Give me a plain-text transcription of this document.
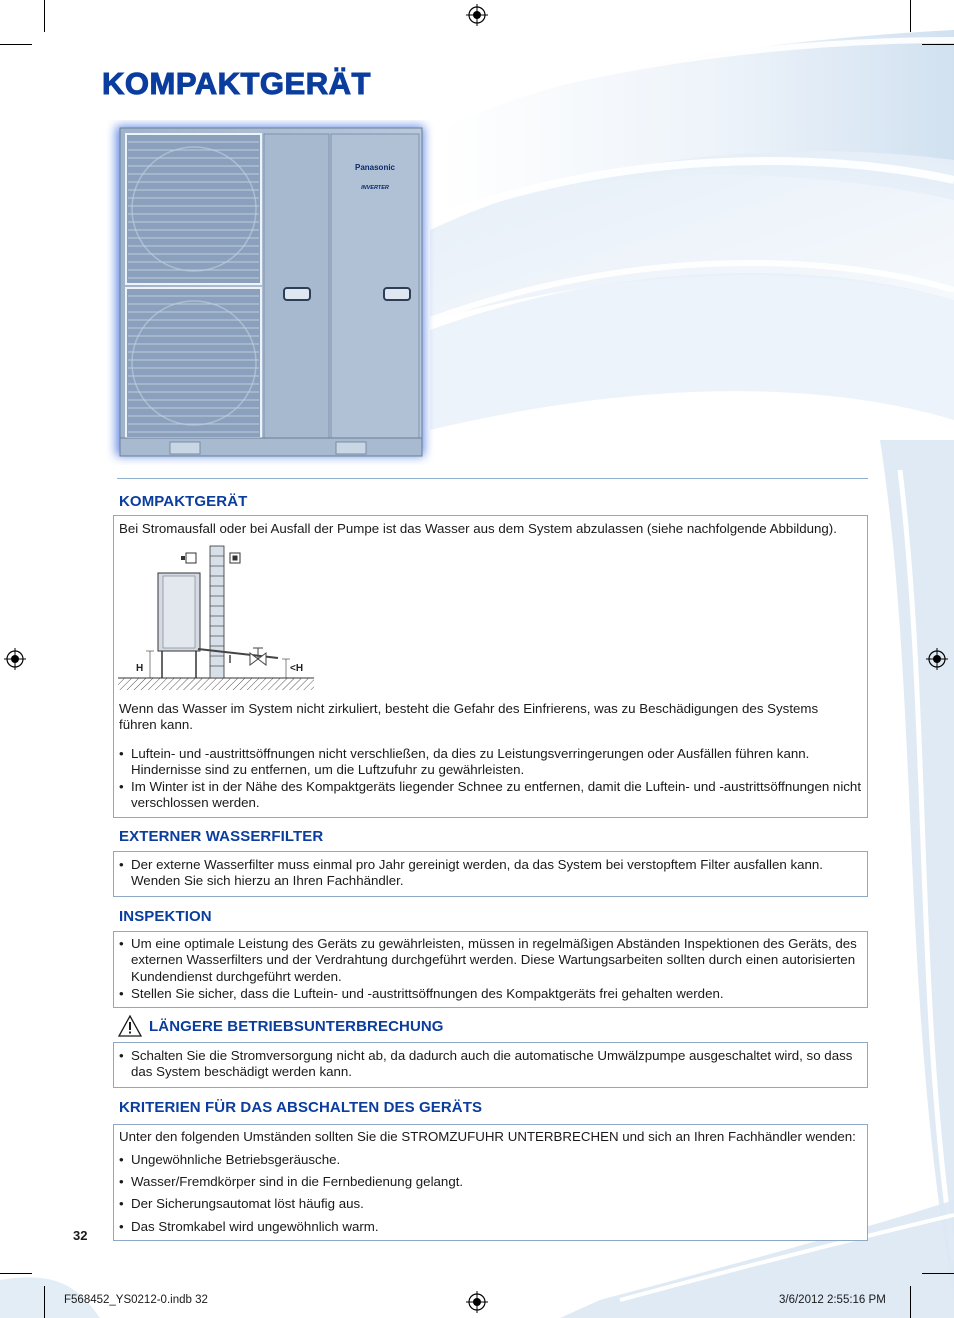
KOMPAKTGERÄT
Panasonic
INVERTER
KOMPAKTGERÄT
Bei Stromausfall oder bei Ausfall der Pumpe ist das Wasser aus dem System abzulassen (siehe nachfolgende Abbildung).
Wenn das Wasser im System nicht zirkuliert, besteht die Gefahr des Einfrierens, was zu Beschädigungen des Systems führen kann.
• Luftein- und -austrittsöffnungen nicht verschließen, da dies zu Leistungsverringerungen oder Ausfällen führen kann. Hindernisse sind zu entfernen, um die Luftzufuhr zu gewährleisten.
• Im Winter ist in der Nähe des Kompaktgeräts liegender Schnee zu entfernen, damit die Luftein- und -austrittsöffnungen nicht verschlossen werden.
H	<H
EXTERNER WASSERFILTER
• Der externe Wasserfilter muss einmal pro Jahr gereinigt werden, da das System bei verstopftem Filter ausfallen kann. Wenden Sie sich hierzu an Ihren Fachhändler.
INSPEKTION
• Um eine optimale Leistung des Geräts zu gewährleisten, müssen in regelmäßigen Abständen Inspektionen des Geräts, des externen Wasserfilters und der Verdrahtung durchgeführt werden. Diese Wartungsarbeiten sollten durch einen autorisierten Kundendienst durchgeführt werden.
• Stellen Sie sicher, dass die Luftein- und -austrittsöffnungen des Kompaktgeräts frei gehalten werden.
LÄNGERE BETRIEBSUNTERBRECHUNG
• Schalten Sie die Stromversorgung nicht ab, da dadurch auch die automatische Umwälzpumpe ausgeschaltet wird, so dass das System beschädigt werden kann.
KRITERIEN FÜR DAS ABSCHALTEN DES GERÄTS
Unter den folgenden Umständen sollten Sie die STROMZUFUHR UNTERBRECHEN und sich an Ihren Fachhändler wenden:
• Ungewöhnliche Betriebsgeräusche.
• Wasser/Fremdkörper sind in die Fernbedienung gelangt.
• Der Sicherungsautomat löst häufig aus.
• Das Stromkabel wird ungewöhnlich warm.
32
F568452_YS0212-0.indb 32	3/6/2012 2:55:16 PM
